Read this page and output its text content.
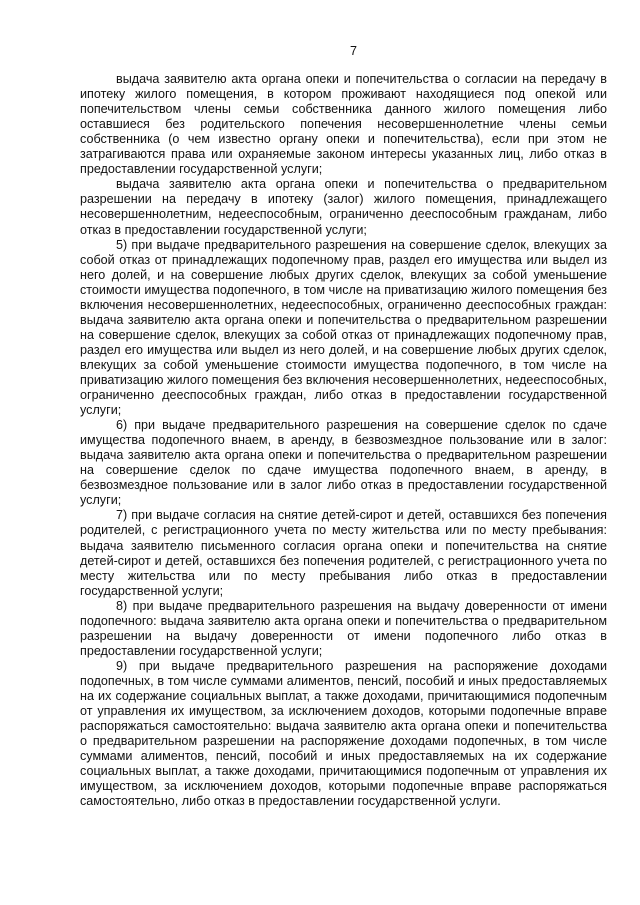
7

выдача заявителю акта органа опеки и попечительства о согласии на передачу в ипотеку жилого помещения, в котором проживают находящиеся под опекой или попечительством члены семьи собственника данного жилого помещения либо оставшиеся без родительского попечения несовершеннолетние члены семьи собственника (о чем известно органу опеки и попечительства), если при этом не затрагиваются права или охраняемые законом интересы указанных лиц, либо отказ в предоставлении государственной услуги;

выдача заявителю акта органа опеки и попечительства о предварительном разрешении на передачу в ипотеку (залог) жилого помещения, принадлежащего несовершеннолетним, недееспособным, ограниченно дееспособным гражданам, либо отказ в предоставлении государственной услуги;

5) при выдаче предварительного разрешения на совершение сделок, влекущих за собой отказ от принадлежащих подопечному прав, раздел его имущества или выдел из него долей, и на совершение любых других сделок, влекущих за собой уменьшение стоимости имущества подопечного, в том числе на приватизацию жилого помещения без включения несовершеннолетних, недееспособных, ограниченно дееспособных граждан: выдача заявителю акта органа опеки и попечительства о предварительном разрешении на совершение сделок, влекущих за собой отказ от принадлежащих подопечному прав, раздел его имущества или выдел из него долей, и на совершение любых других сделок, влекущих за собой уменьшение стоимости имущества подопечного, в том числе на приватизацию жилого помещения без включения несовершеннолетних, недееспособных, ограниченно дееспособных граждан, либо отказ в предоставлении государственной услуги;

6) при выдаче предварительного разрешения на совершение сделок по сдаче имущества подопечного внаем, в аренду, в безвозмездное пользование или в залог: выдача заявителю акта органа опеки и попечительства о предварительном разрешении на совершение сделок по сдаче имущества подопечного внаем, в аренду, в безвозмездное пользование или в залог либо отказ в предоставлении государственной услуги;

7) при выдаче согласия на снятие детей-сирот и детей, оставшихся без попечения родителей, с регистрационного учета по месту жительства или по месту пребывания: выдача заявителю письменного согласия органа опеки и попечительства на снятие детей-сирот и детей, оставшихся без попечения родителей, с регистрационного учета по месту жительства или по месту пребывания либо отказ в предоставлении государственной услуги;

8) при выдаче предварительного разрешения на выдачу доверенности от имени подопечного: выдача заявителю акта органа опеки и попечительства о предварительном разрешении на выдачу доверенности от имени подопечного либо отказ в предоставлении государственной услуги;

9) при выдаче предварительного разрешения на распоряжение доходами подопечных, в том числе суммами алиментов, пенсий, пособий и иных предоставляемых на их содержание социальных выплат, а также доходами, причитающимися подопечным от управления их имуществом, за исключением доходов, которыми подопечные вправе распоряжаться самостоятельно: выдача заявителю акта органа опеки и попечительства о предварительном разрешении на распоряжение доходами подопечных, в том числе суммами алиментов, пенсий, пособий и иных предоставляемых на их содержание социальных выплат, а также доходами, причитающимися подопечным от управления их имуществом, за исключением доходов, которыми подопечные вправе распоряжаться самостоятельно, либо отказ в предоставлении государственной услуги.
